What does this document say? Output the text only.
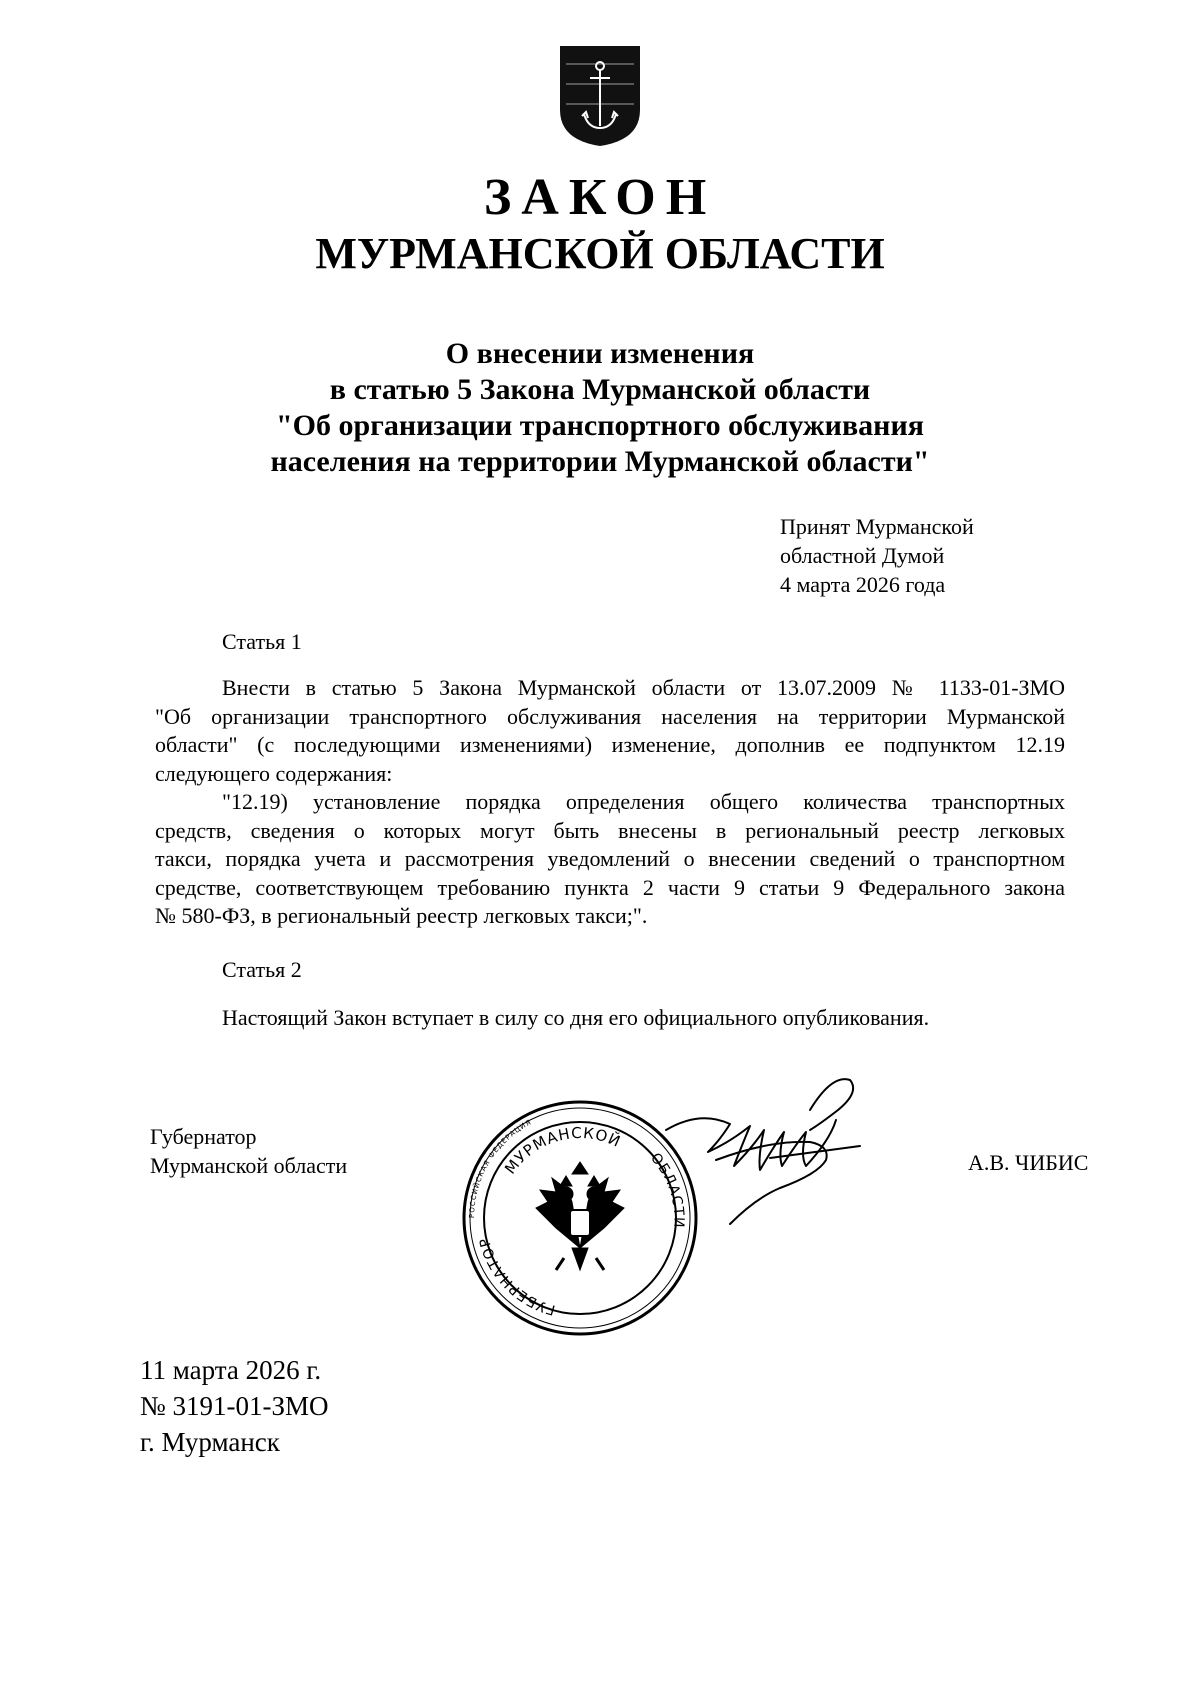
ЗАКОН
МУРМАНСКОЙ ОБЛАСТИ
О внесении изменения
в статью 5 Закона Мурманской области
"Об организации транспортного обслуживания
населения на территории Мурманской области"
Принят Мурманской
областной Думой
4 марта 2026 года
Статья 1
Внести в статью 5 Закона Мурманской области от 13.07.2009 № 1133-01-ЗМО
"Об организации транспортного обслуживания населения на территории Мурманской
области" (с последующими изменениями) изменение, дополнив ее подпунктом 12.19
следующего содержания:
"12.19) установление порядка определения общего количества транспортных
средств, сведения о которых могут быть внесены в региональный реестр легковых
такси, порядка учета и рассмотрения уведомлений о внесении сведений о транспортном
средстве, соответствующем требованию пункта 2 части 9 статьи 9 Федерального закона
№ 580-ФЗ, в региональный реестр легковых такси;".
Статья 2
Настоящий Закон вступает в силу со дня его официального опубликования.
Губернатор
Мурманской области
РОССИЙСКАЯ ФЕДЕРАЦИЯ
МУРМАНСКОЙ
ГУБЕРНАТОР
ОБЛАСТИ
А.В. ЧИБИС
11 марта 2026 г.
№ 3191-01-ЗМО
г. Мурманск
